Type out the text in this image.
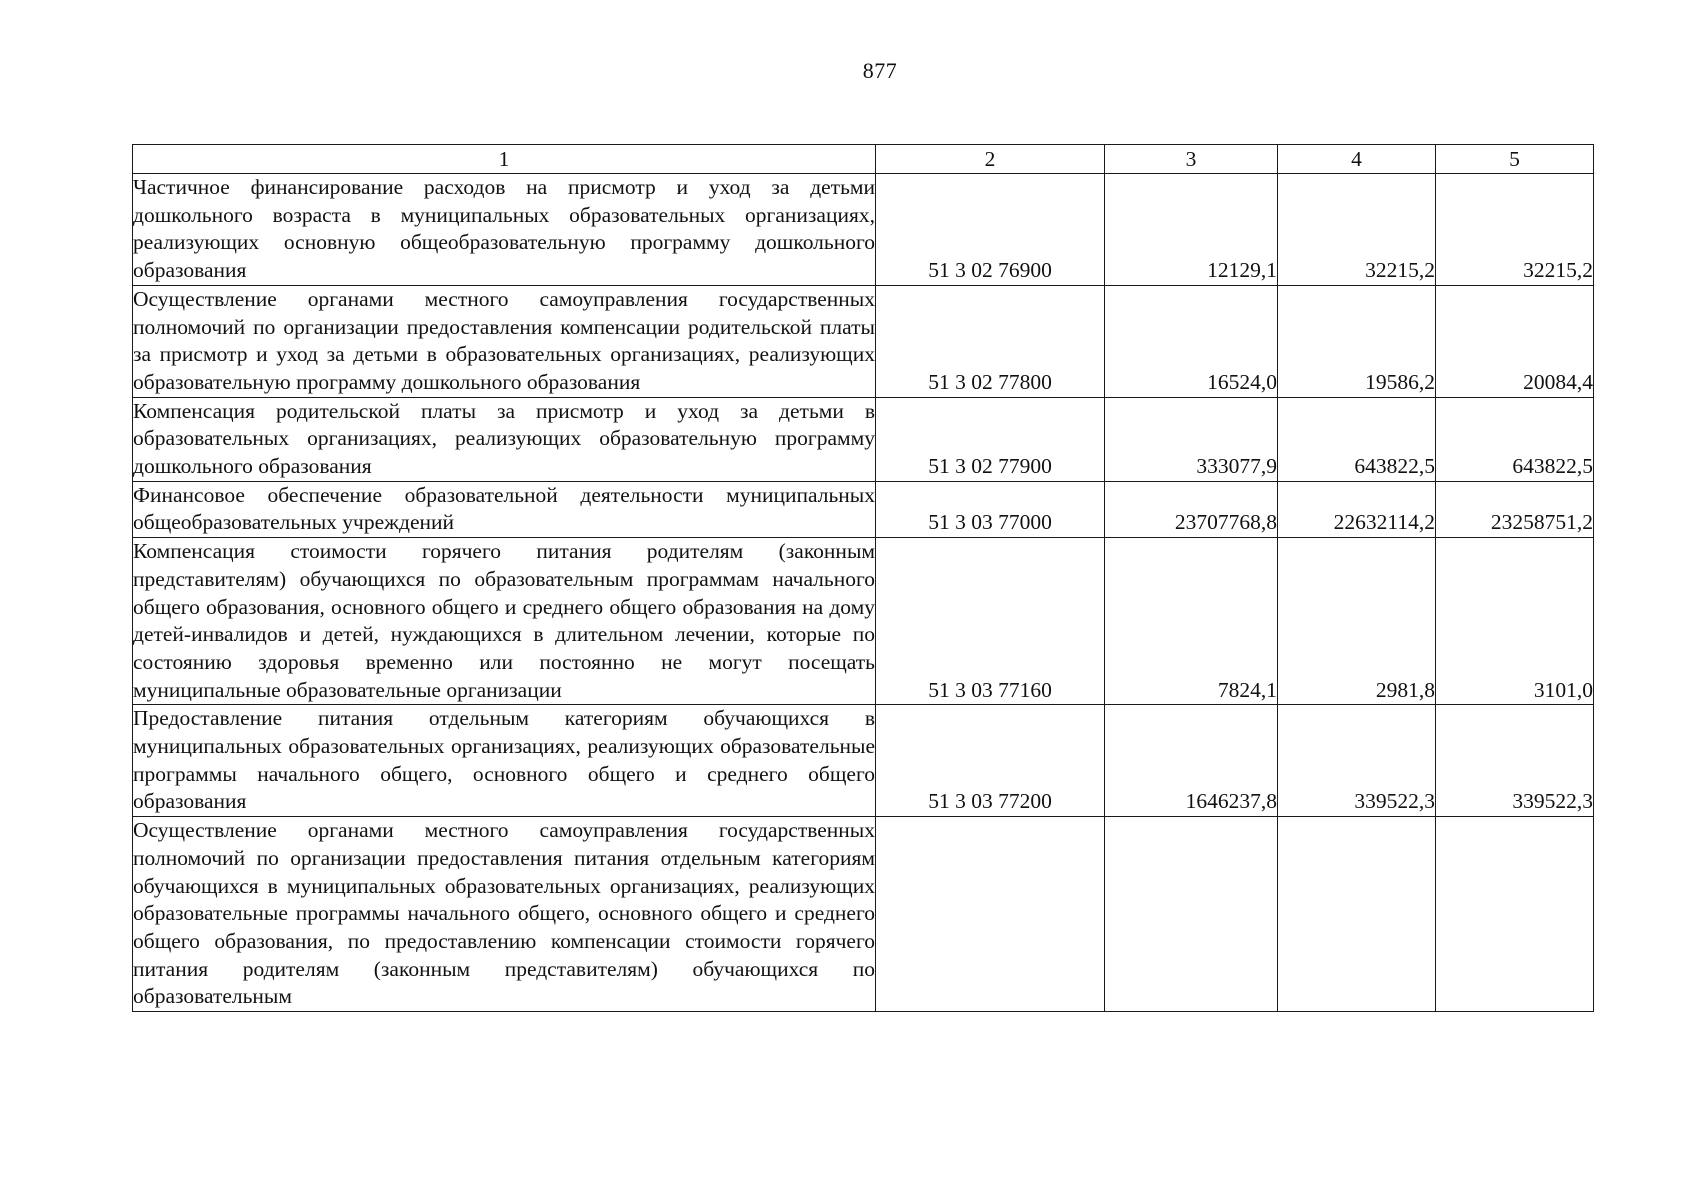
877
1	2	3	4	5
Частичное финансирование расходов на присмотр и уход за детьми дошкольного возраста в муниципальных образовательных организациях, реализующих основную общеобразовательную программу дошкольного образования	51 3 02 76900	12129,1	32215,2	32215,2
Осуществление органами местного самоуправления государственных полномочий по организации предоставления компенсации родительской платы за присмотр и уход за детьми в образовательных организациях, реализующих образовательную программу дошкольного образования	51 3 02 77800	16524,0	19586,2	20084,4
Компенсация родительской платы за присмотр и уход за детьми в образовательных организациях, реализующих образовательную программу дошкольного образования	51 3 02 77900	333077,9	643822,5	643822,5
Финансовое обеспечение образовательной деятельности муниципальных общеобразовательных учреждений	51 3 03 77000	23707768,8	22632114,2	23258751,2
Компенсация стоимости горячего питания родителям (законным представителям) обучающихся по образовательным программам начального общего образования, основного общего и среднего общего образования на дому детей-инвалидов и детей, нуждающихся в длительном лечении, которые по состоянию здоровья временно или постоянно не могут посещать муниципальные образовательные организации	51 3 03 77160	7824,1	2981,8	3101,0
Предоставление питания отдельным категориям обучающихся в муниципальных образовательных организациях, реализующих образовательные программы начального общего, основного общего и среднего общего образования	51 3 03 77200	1646237,8	339522,3	339522,3
Осуществление органами местного самоуправления государственных полномочий по организации предоставления питания отдельным категориям обучающихся в муниципальных образовательных организациях, реализующих образовательные программы начального общего, основного общего и среднего общего образования, по предоставлению компенсации стоимости горячего питания родителям (законным представителям) обучающихся по образовательным				
